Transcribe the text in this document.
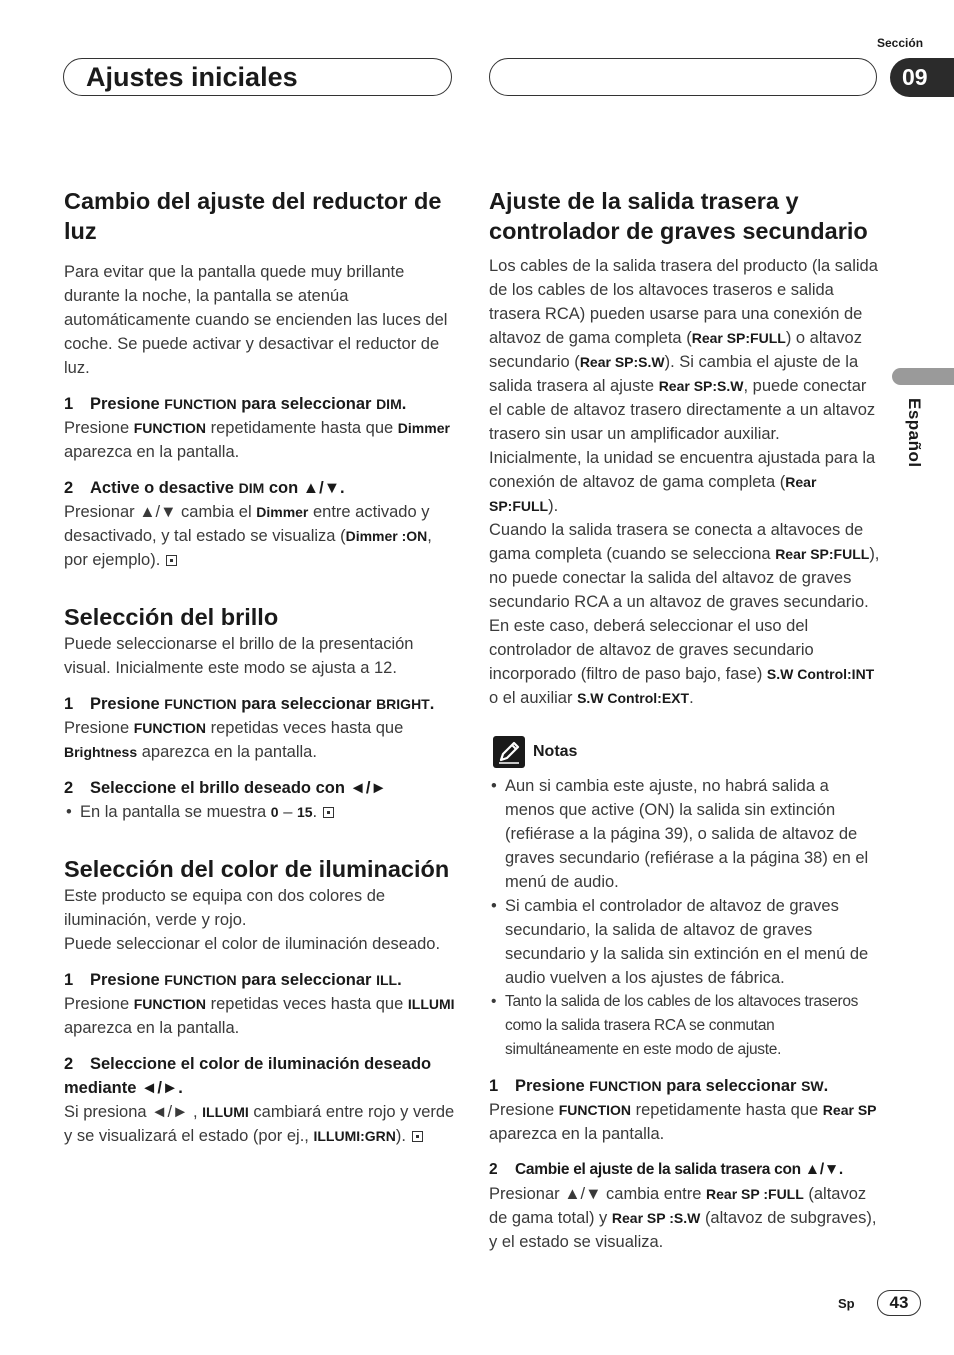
Sección
Ajustes iniciales	09
Español
Cambio del ajuste del reductor de luz

Para evitar que la pantalla quede muy brillante durante la noche, la pantalla se atenúa automáticamente cuando se encienden las luces del coche. Se puede activar y desactivar el reductor de luz.

1 Presione FUNCTION para seleccionar DIM.

Presione FUNCTION repetidamente hasta que Dimmer aparezca en la pantalla.

2 Active o desactive DIM con ▲/▼.

Presionar ▲/▼ cambia el Dimmer entre activado y desactivado, y tal estado se visualiza (Dimmer :ON, por ejemplo).

Selección del brillo

Puede seleccionarse el brillo de la presentación visual. Inicialmente este modo se ajusta a 12.

1 Presione FUNCTION para seleccionar BRIGHT.

Presione FUNCTION repetidas veces hasta que Brightness aparezca en la pantalla.

2 Seleccione el brillo deseado con ◄/►

• En la pantalla se muestra 0 – 15.

Selección del color de iluminación

Este producto se equipa con dos colores de iluminación, verde y rojo.

Puede seleccionar el color de iluminación deseado.

1 Presione FUNCTION para seleccionar ILL.

Presione FUNCTION repetidas veces hasta que ILLUMI aparezca en la pantalla.

2 Seleccione el color de iluminación deseado mediante ◄/►.

Si presiona ◄/► , ILLUMI cambiará entre rojo y verde y se visualizará el estado (por ej., ILLUMI:GRN).

Ajuste de la salida trasera y controlador de graves secundario

Los cables de la salida trasera del producto (la salida de los cables de los altavoces traseros e salida trasera RCA) pueden usarse para una conexión de altavoz de gama completa (Rear SP:FULL) o altavoz secundario (Rear SP:S.W). Si cambia el ajuste de la salida trasera al ajuste Rear SP:S.W, puede conectar el cable de altavoz trasero directamente a un altavoz trasero sin usar un amplificador auxiliar.

Inicialmente, la unidad se encuentra ajustada para la conexión de altavoz de gama completa (Rear SP:FULL).

Cuando la salida trasera se conecta a altavoces de gama completa (cuando se selecciona Rear SP:FULL), no puede conectar la salida del altavoz de graves secundario RCA a un altavoz de graves secundario. En este caso, deberá seleccionar el uso del controlador de altavoz de graves secundario incorporado (filtro de paso bajo, fase) S.W Control:INT o el auxiliar S.W Control:EXT.

Notas

• Aun si cambia este ajuste, no habrá salida a menos que active (ON) la salida sin extinción (refiérase a la página 39), o salida de altavoz de graves secundario (refiérase a la página 38) en el menú de audio.

• Si cambia el controlador de altavoz de graves secundario, la salida de altavoz de graves secundario y la salida sin extinción en el menú de audio vuelven a los ajustes de fábrica.

• Tanto la salida de los cables de los altavoces traseros como la salida trasera RCA se conmutan simultáneamente en este modo de ajuste.

1 Presione FUNCTION para seleccionar SW.

Presione FUNCTION repetidamente hasta que Rear SP aparezca en la pantalla.

2 Cambie el ajuste de la salida trasera con ▲/▼.

Presionar ▲/▼ cambia entre Rear SP :FULL (altavoz de gama total) y Rear SP :S.W (altavoz de subgraves), y el estado se visualiza.

Sp	43
